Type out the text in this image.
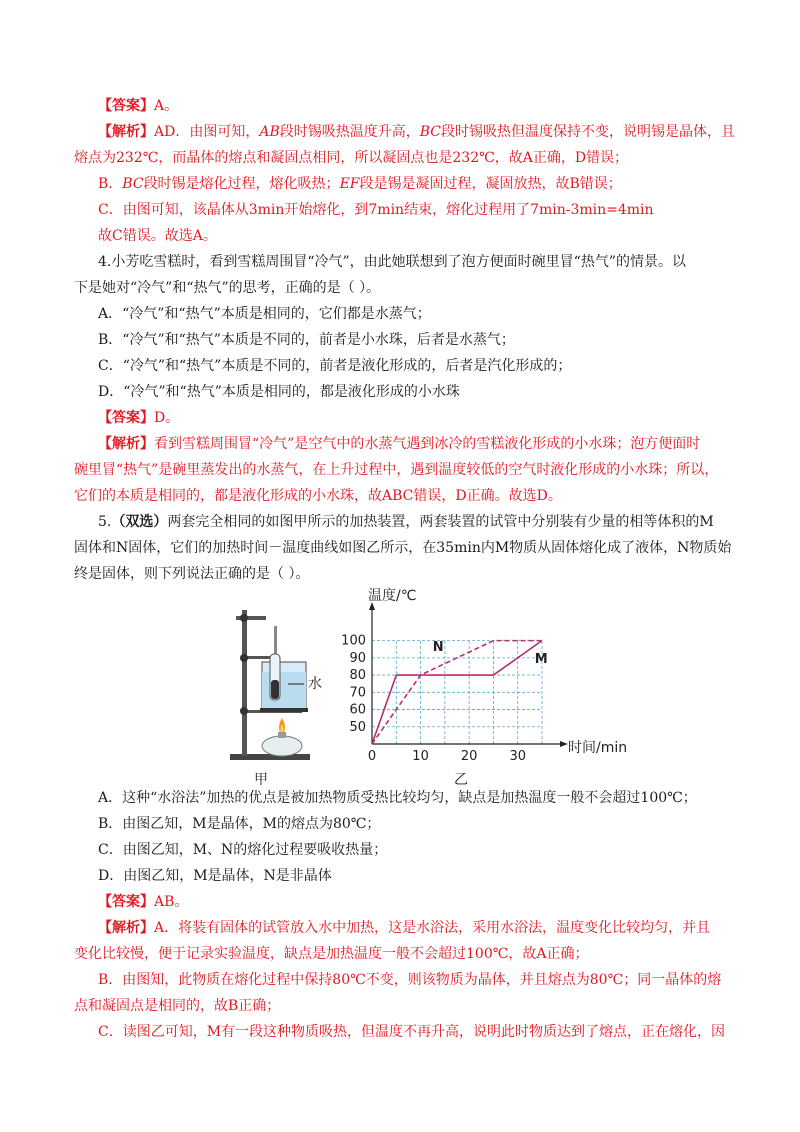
【答案】A。
【解析】AD．由图可知，AB段时锡吸热温度升高，BC段时锡吸热但温度保持不变，说明锡是晶体，且
熔点为232℃，而晶体的熔点和凝固点相同，所以凝固点也是232℃，故A正确，D错误；
B．BC段时锡是熔化过程，熔化吸热；EF段是锡是凝固过程，凝固放热，故B错误；
C．由图可知，该晶体从3min开始熔化，到7min结束，熔化过程用了7min-3min=4min
故C错误。故选A。
4.小芳吃雪糕时，看到雪糕周围冒“冷气”，由此她联想到了泡方便面时碗里冒“热气”的情景。以
下是她对“冷气”和“热气”的思考，正确的是（ ）。
A．“冷气”和“热气”本质是相同的，它们都是水蒸气；
B．“冷气”和“热气”本质是不同的，前者是小水珠，后者是水蒸气；
C．“冷气”和“热气”本质是不同的，前者是液化形成的，后者是汽化形成的；
D．“冷气”和“热气”本质是相同的，都是液化形成的小水珠
【答案】D。
【解析】看到雪糕周围冒“冷气”是空气中的水蒸气遇到冰冷的雪糕液化形成的小水珠；泡方便面时
碗里冒“热气”是碗里蒸发出的水蒸气，在上升过程中，遇到温度较低的空气时液化形成的小水珠；所以，
它们的本质是相同的，都是液化形成的小水珠，故ABC错误，D正确。故选D。
5.（双选）两套完全相同的如图甲所示的加热装置，两套装置的试管中分别装有少量的相等体积的M
固体和N固体，它们的加热时间－温度曲线如图乙所示，在35min内M物质从固体熔化成了液体，N物质始
终是固体，则下列说法正确的是（ ）。
水
甲
0	10 20 30
50
60
70
80
90
100
温度/℃
时间/min
M
N
乙
A．这种“水浴法”加热的优点是被加热物质受热比较均匀，缺点是加热温度一般不会超过100℃；
B．由图乙知，M是晶体，M的熔点为80℃；
C．由图乙知，M、N的熔化过程要吸收热量；
D．由图乙知，M是晶体，N是非晶体
【答案】AB。
【解析】A．将装有固体的试管放入水中加热，这是水浴法，采用水浴法，温度变化比较均匀，并且
变化比较慢，便于记录实验温度，缺点是加热温度一般不会超过100℃，故A正确；
B．由图知，此物质在熔化过程中保持80℃不变，则该物质为晶体，并且熔点为80℃；同一晶体的熔
点和凝固点是相同的，故B正确；
C．读图乙可知，M有一段这种物质吸热，但温度不再升高，说明此时物质达到了熔点，正在熔化，因
